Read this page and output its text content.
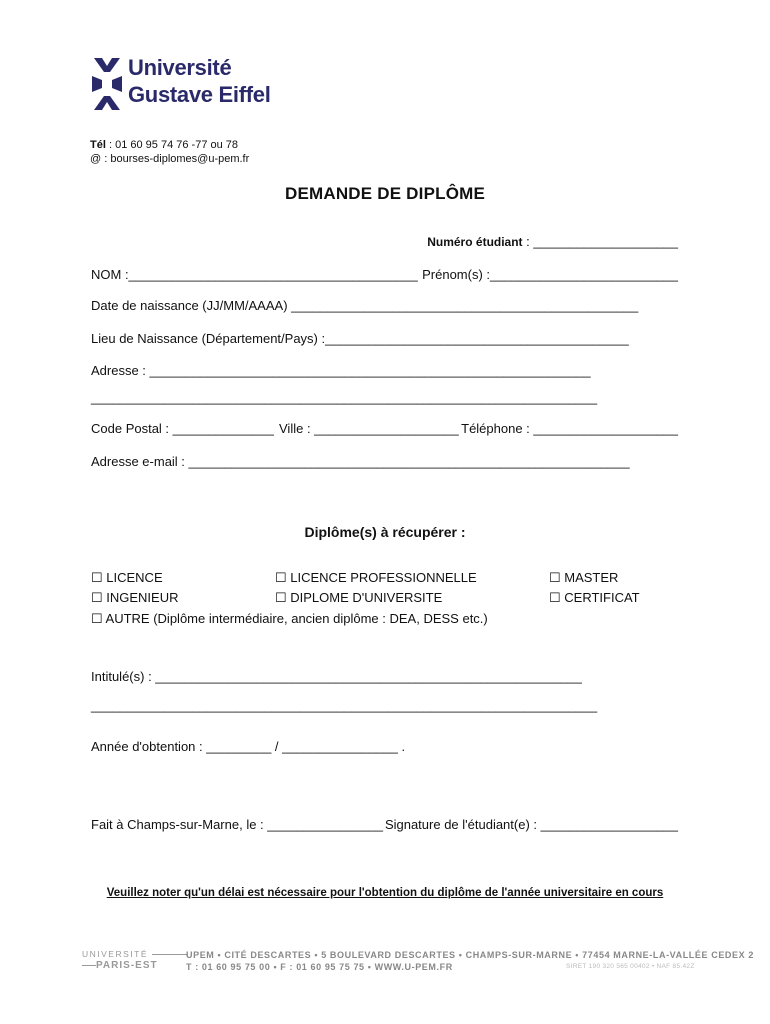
Université
Gustave Eiffel
Tél : 01 60 95 74 76 -77 ou 78
@ : bourses-diplomes@u-pem.fr
DEMANDE DE DIPLÔME
Numéro étudiant : ____________________
NOM :________________________________________ Prénom(s) :__________________________
Date de naissance (JJ/MM/AAAA) ________________________________________________
Lieu de Naissance (Département/Pays) :__________________________________________
Adresse : _____________________________________________________________
______________________________________________________________________
Code Postal : ______________ Ville : ____________________ Téléphone : ____________________
Adresse e-mail : _____________________________________________________________
Diplôme(s) à récupérer :
☐ LICENCE	☐ LICENCE PROFESSIONNELLE	☐ MASTER
☐ INGENIEUR	☐ DIPLOME D'UNIVERSITE	☐ CERTIFICAT
☐ AUTRE (Diplôme intermédiaire, ancien diplôme : DEA, DESS etc.)
Intitulé(s) : ___________________________________________________________
______________________________________________________________________
Année d'obtention : _________ / ________________ .
Fait à Champs-sur-Marne, le : ________________ Signature de l'étudiant(e) : ___________________
Veuillez noter qu'un délai est nécessaire pour l'obtention du diplôme de l'année universitaire en cours
UNIVERSITÉ
PARIS-EST
UPEM • CITÉ DESCARTES • 5 BOULEVARD DESCARTES • CHAMPS-SUR-MARNE • 77454 MARNE-LA-VALLÉE CEDEX 2
T : 01 60 95 75 00 • F : 01 60 95 75 75 • WWW.U-PEM.FR	SIRET 190 320 565 00402 • NAF 85.42Z
